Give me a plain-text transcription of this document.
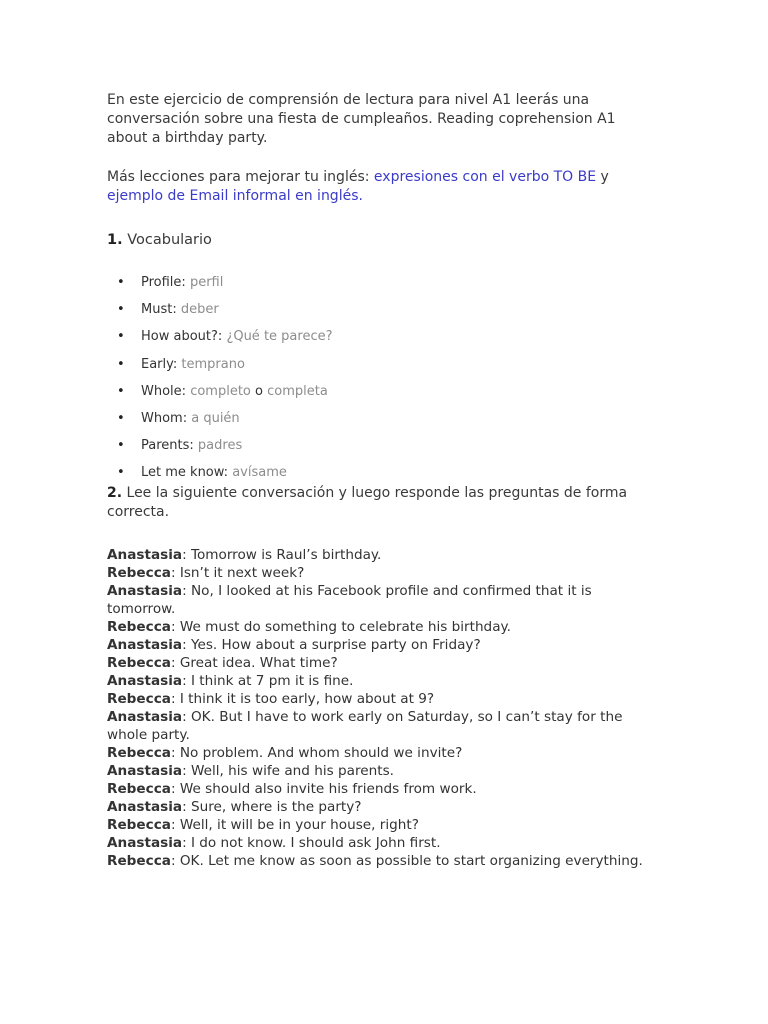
En este ejercicio de comprensión de lectura para nivel A1 leerás una conversación sobre una fiesta de cumpleaños. Reading coprehension A1 about a birthday party.

Más lecciones para mejorar tu inglés: expresiones con el verbo TO BE y ejemplo de Email informal en inglés.

1. Vocabulario

• Profile: perfil
• Must: deber
• How about?: ¿Qué te parece?
• Early: temprano
• Whole: completo o completa
• Whom: a quién
• Parents: padres
• Let me know: avísame

2. Lee la siguiente conversación y luego responde las preguntas de forma correcta.

Anastasia: Tomorrow is Raul’s birthday.

Rebecca: Isn’t it next week?

Anastasia: No, I looked at his Facebook profile and confirmed that it is tomorrow.

Rebecca: We must do something to celebrate his birthday.

Anastasia: Yes. How about a surprise party on Friday?

Rebecca: Great idea. What time?

Anastasia: I think at 7 pm it is fine.

Rebecca: I think it is too early, how about at 9?

Anastasia: OK. But I have to work early on Saturday, so I can’t stay for the whole party.

Rebecca: No problem. And whom should we invite?

Anastasia: Well, his wife and his parents.

Rebecca: We should also invite his friends from work.

Anastasia: Sure, where is the party?

Rebecca: Well, it will be in your house, right?

Anastasia: I do not know. I should ask John first.

Rebecca: OK. Let me know as soon as possible to start organizing everything.
